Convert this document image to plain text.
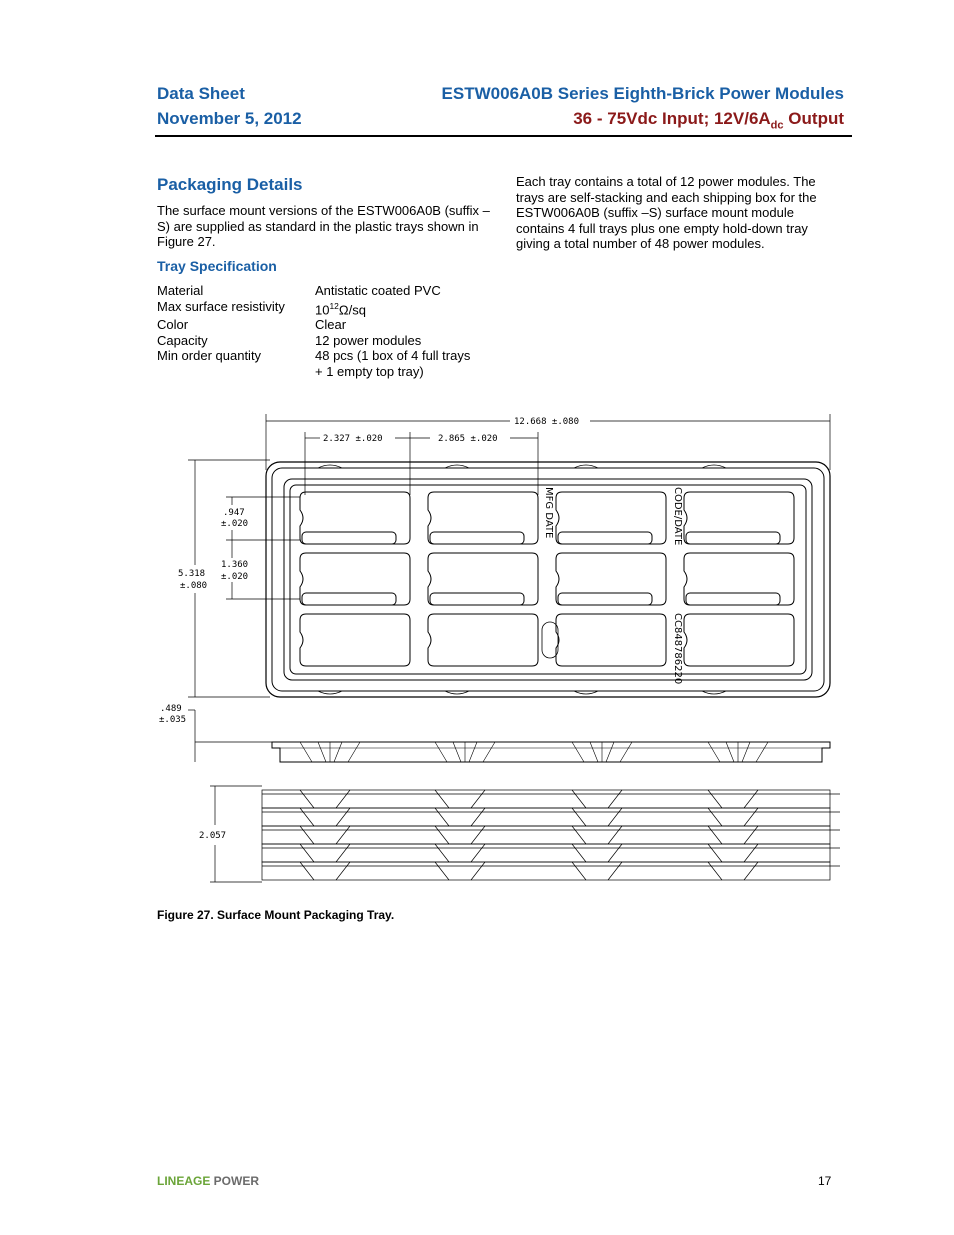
Data Sheet
November 5, 2012
ESTW006A0B Series Eighth-Brick Power Modules
36 - 75Vdc Input; $12V/6A_{dc}$ Output
Packaging Details
The surface mount versions of the ESTW006A0B (suffix –S) are supplied as standard in the plastic trays shown in Figure 27.
Tray Specification
Material	Antistatic coated PVC
Max surface resistivity	$10^{12}\Omega/sq$
Color	Clear
Capacity	12 power modules
Min order quantity	48 pcs (1 box of 4 full trays
+ 1 empty top tray)
Each tray contains a total of 12 power modules. The trays are self-stacking and each shipping box for the ESTW006A0B (suffix –S) surface mount module contains 4 full trays plus one empty hold-down tray giving a total number of 48 power modules.
12.668 ±.080
2.327 ±.020	2.865 ±.020
5.318
±.080
.947
±.020
1.360
±.020
MFG DATE	CODE/DATE
CC848786220
.489
±.035
2.057
Figure 27. Surface Mount Packaging Tray.
LINEAGE POWER	17
